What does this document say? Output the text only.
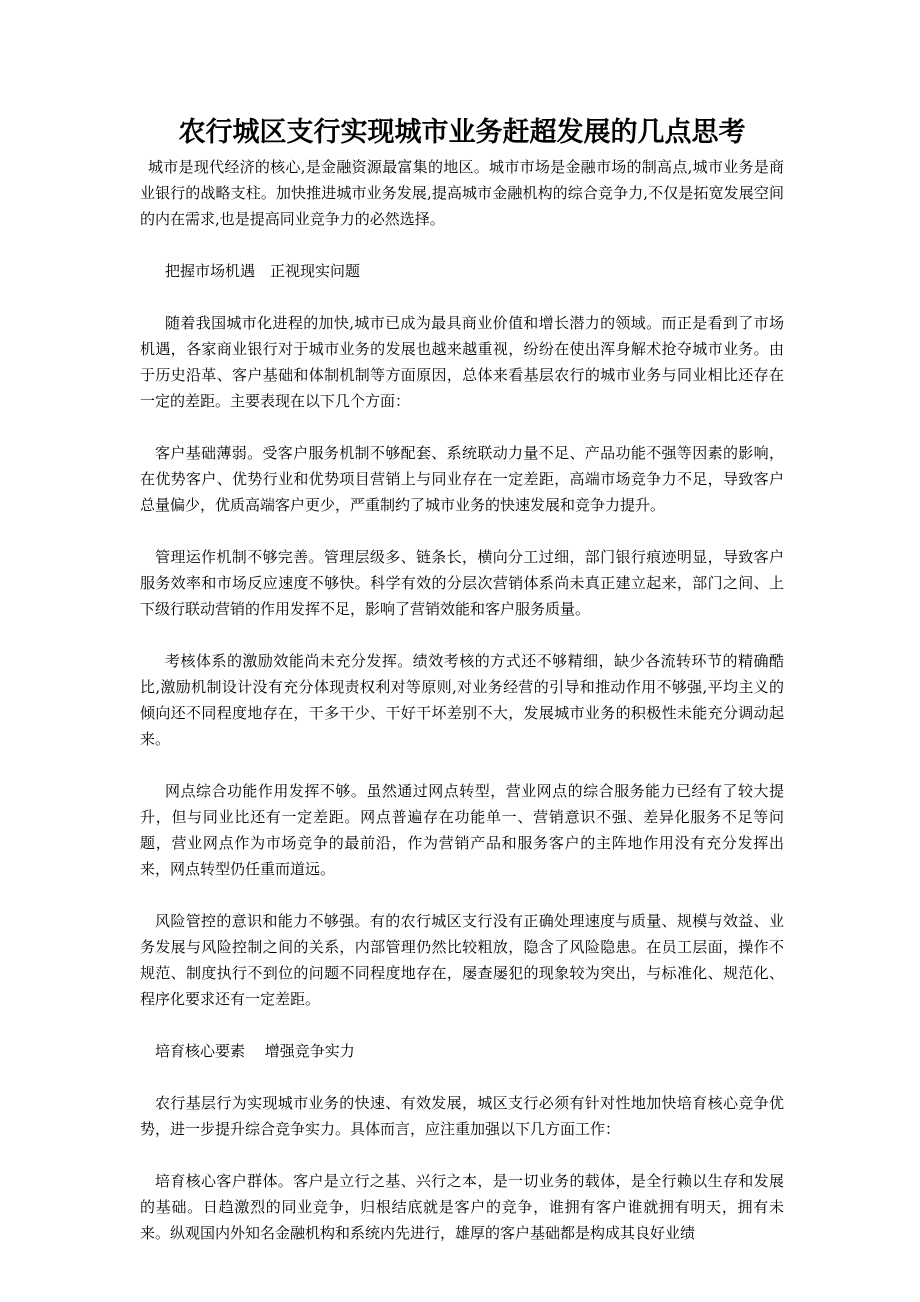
农行城区支行实现城市业务赶超发展的几点思考

城市是现代经济的核心,是金融资源最富集的地区。城市市场是金融市场的制高点,城市业务是商业银行的战略支柱。加快推进城市业务发展,提高城市金融机构的综合竞争力,不仅是拓宽发展空间的内在需求,也是提高同业竞争力的必然选择。

把握市场机遇　正视现实问题

随着我国城市化进程的加快,城市已成为最具商业价值和增长潜力的领域。而正是看到了市场机遇，各家商业银行对于城市业务的发展也越来越重视，纷纷在使出浑身解术抢夺城市业务。由于历史沿革、客户基础和体制机制等方面原因，总体来看基层农行的城市业务与同业相比还存在一定的差距。主要表现在以下几个方面：

客户基础薄弱。受客户服务机制不够配套、系统联动力量不足、产品功能不强等因素的影响，在优势客户、优势行业和优势项目营销上与同业存在一定差距，高端市场竞争力不足，导致客户总量偏少，优质高端客户更少，严重制约了城市业务的快速发展和竞争力提升。

管理运作机制不够完善。管理层级多、链条长，横向分工过细，部门银行痕迹明显，导致客户服务效率和市场反应速度不够快。科学有效的分层次营销体系尚未真正建立起来，部门之间、上下级行联动营销的作用发挥不足，影响了营销效能和客户服务质量。

考核体系的激励效能尚未充分发挥。绩效考核的方式还不够精细，缺少各流转环节的精确酷比,激励机制设计没有充分体现责权利对等原则,对业务经营的引导和推动作用不够强,平均主义的倾向还不同程度地存在，干多干少、干好干坏差别不大，发展城市业务的积极性未能充分调动起来。

网点综合功能作用发挥不够。虽然通过网点转型，营业网点的综合服务能力已经有了较大提升，但与同业比还有一定差距。网点普遍存在功能单一、营销意识不强、差异化服务不足等问题，营业网点作为市场竞争的最前沿，作为营销产品和服务客户的主阵地作用没有充分发挥出来，网点转型仍任重而道远。

风险管控的意识和能力不够强。有的农行城区支行没有正确处理速度与质量、规模与效益、业务发展与风险控制之间的关系，内部管理仍然比较粗放，隐含了风险隐患。在员工层面，操作不规范、制度执行不到位的问题不同程度地存在，屡查屡犯的现象较为突出，与标准化、规范化、程序化要求还有一定差距。

培育核心要素　 增强竞争实力

农行基层行为实现城市业务的快速、有效发展，城区支行必须有针对性地加快培育核心竞争优势，进一步提升综合竞争实力。具体而言，应注重加强以下几方面工作：

培育核心客户群体。客户是立行之基、兴行之本，是一切业务的载体，是全行赖以生存和发展的基础。日趋激烈的同业竞争，归根结底就是客户的竞争，谁拥有客户谁就拥有明天，拥有未来。纵观国内外知名金融机构和系统内先进行，雄厚的客户基础都是构成其良好业绩
